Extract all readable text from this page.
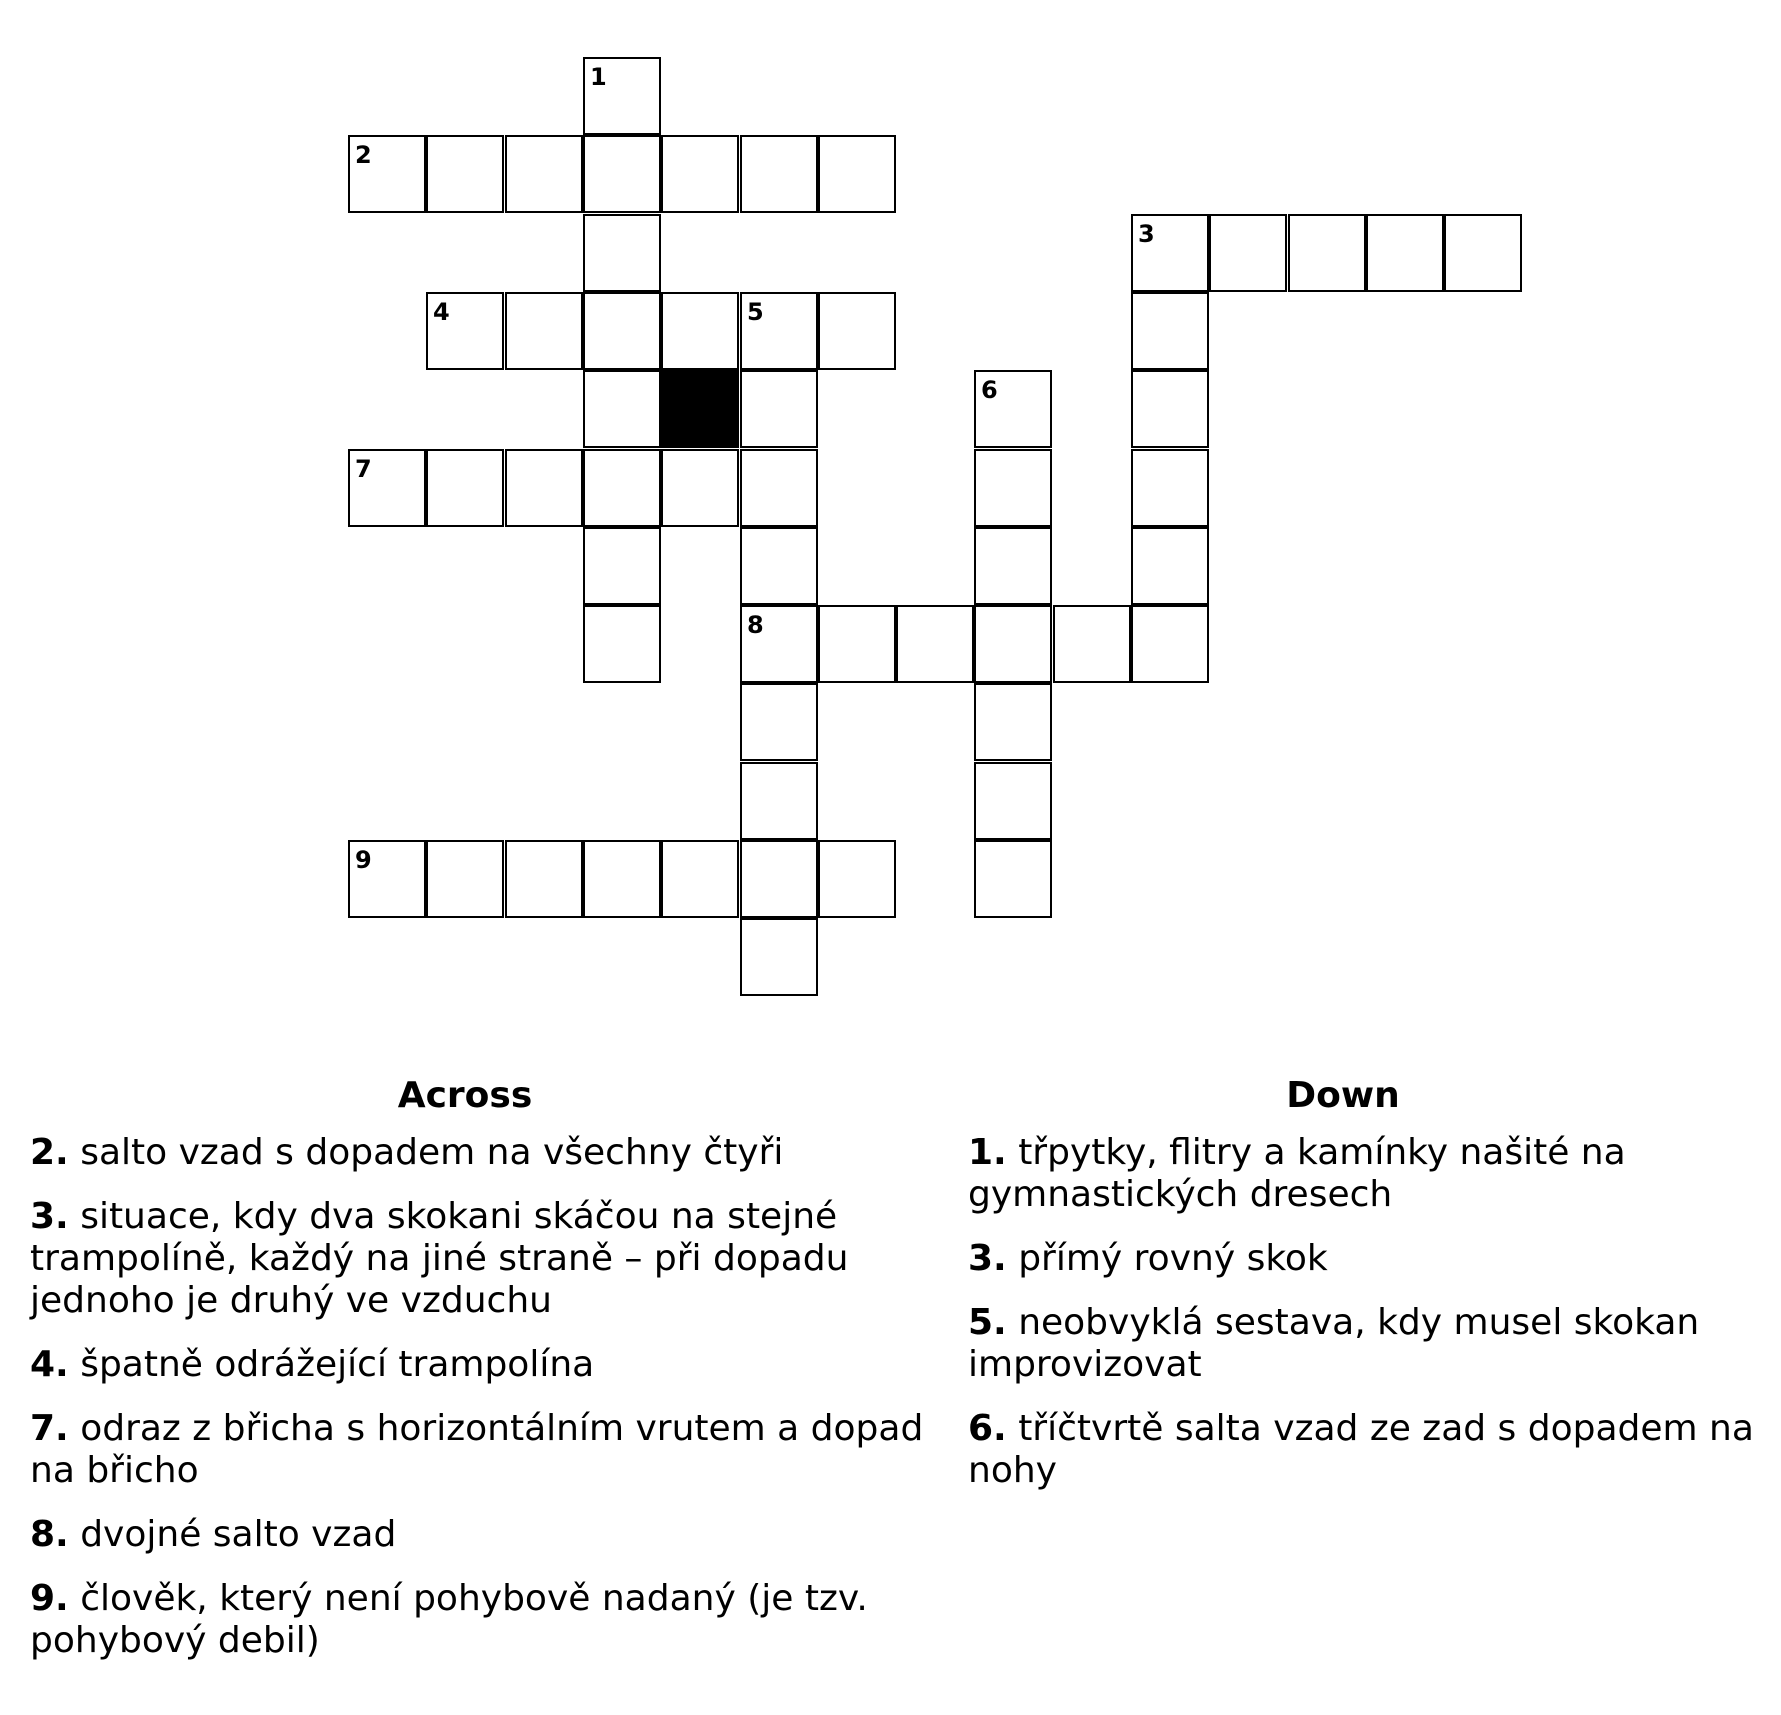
1
2
3
4	5
6
7
8
9
Across

2. salto vzad s dopadem na všechny čtyři

3. situace, kdy dva skokani skáčou na stejné trampolíně, každý na jiné straně – při dopadu jednoho je druhý ve vzduchu

4. špatně odrážející trampolína

7. odraz z břicha s horizontálním vrutem a dopad na břicho

8. dvojné salto vzad

9. člověk, který není pohybově nadaný (je tzv. pohybový debil)

Down

1. třpytky, flitry a kamínky našité na gymnastických dresech

3. přímý rovný skok

5. neobvyklá sestava, kdy musel skokan improvizovat

6. tříčtvrtě salta vzad ze zad s dopadem na nohy
